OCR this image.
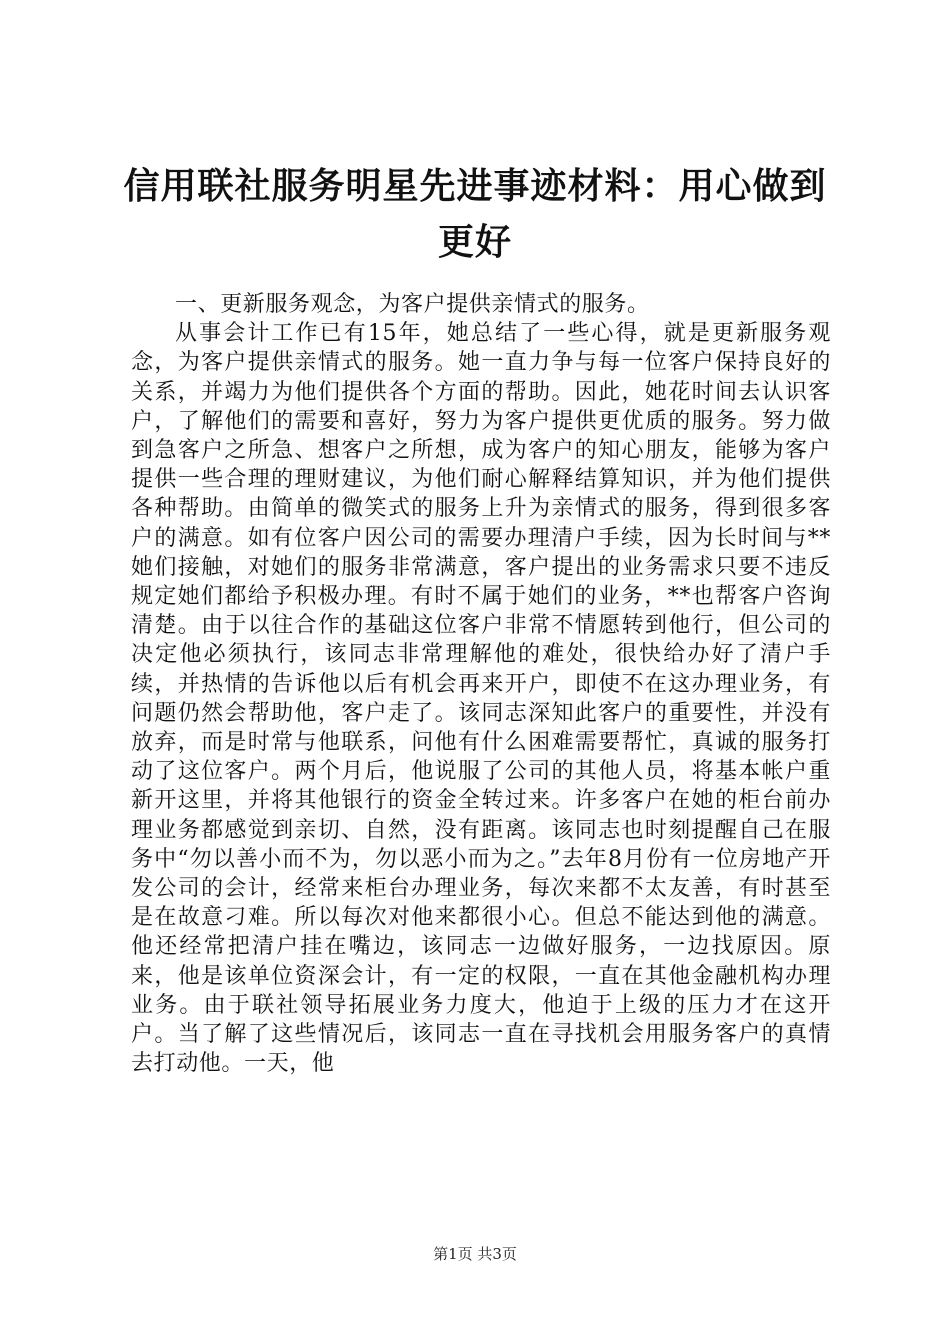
信用联社服务明星先进事迹材料：用心做到更好

一、更新服务观念，为客户提供亲情式的服务。

从事会计工作已有15年，她总结了一些心得，就是更新服务观念，为客户提供亲情式的服务。她一直力争与每一位客户保持良好的关系，并竭力为他们提供各个方面的帮助。因此，她花时间去认识客户，了解他们的需要和喜好，努力为客户提供更优质的服务。努力做到急客户之所急、想客户之所想，成为客户的知心朋友，能够为客户提供一些合理的理财建议，为他们耐心解释结算知识，并为他们提供各种帮助。由简单的微笑式的服务上升为亲情式的服务，得到很多客户的满意。如有位客户因公司的需要办理清户手续，因为长时间与**她们接触，对她们的服务非常满意，客户提出的业务需求只要不违反规定她们都给予积极办理。有时不属于她们的业务，**也帮客户咨询清楚。由于以往合作的基础这位客户非常不情愿转到他行，但公司的决定他必须执行，该同志非常理解他的难处，很快给办好了清户手续，并热情的告诉他以后有机会再来开户，即使不在这办理业务，有问题仍然会帮助他，客户走了。该同志深知此客户的重要性，并没有放弃，而是时常与他联系，问他有什么困难需要帮忙，真诚的服务打动了这位客户。两个月后，他说服了公司的其他人员，将基本帐户重新开这里，并将其他银行的资金全转过来。许多客户在她的柜台前办理业务都感觉到亲切、自然，没有距离。该同志也时刻提醒自己在服务中“勿以善小而不为，勿以恶小而为之。”去年8月份有一位房地产开发公司的会计，经常来柜台办理业务，每次来都不太友善，有时甚至是在故意刁难。所以每次对他来都很小心。但总不能达到他的满意。他还经常把清户挂在嘴边，该同志一边做好服务，一边找原因。原来，他是该单位资深会计，有一定的权限，一直在其他金融机构办理业务。由于联社领导拓展业务力度大，他迫于上级的压力才在这开户。当了解了这些情况后，该同志一直在寻找机会用服务客户的真情去打动他。一天，他

第1页 共3页
